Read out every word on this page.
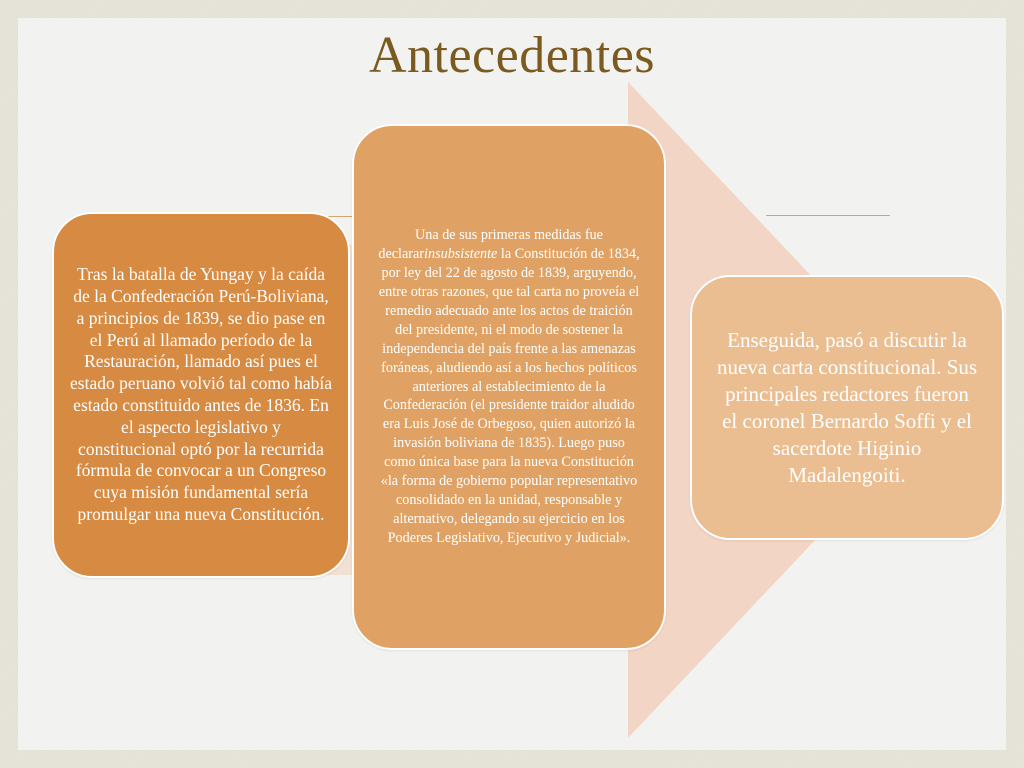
Antecedentes

Tras la batalla de Yungay y la caída de la Confederación Perú-Boliviana, a principios de 1839, se dio pase en el Perú al llamado período de la Restauración, llamado así pues el estado peruano volvió tal como había estado constituido antes de 1836. En el aspecto legislativo y constitucional optó por la recurrida fórmula de convocar a un Congreso cuya misión fundamental sería promulgar una nueva Constitución.

Una de sus primeras medidas fue declararinsubsistente la Constitución de 1834, por ley del 22 de agosto de 1839, arguyendo, entre otras razones, que tal carta no proveía el remedio adecuado ante los actos de traición del presidente, ni el modo de sostener la independencia del país frente a las amenazas foráneas, aludiendo así a los hechos políticos anteriores al establecimiento de la Confederación (el presidente traidor aludido era Luis José de Orbegoso, quien autorizó la invasión boliviana de 1835). Luego puso como única base para la nueva Constitución «la forma de gobierno popular representativo consolidado en la unidad, responsable y alternativo, delegando su ejercicio en los Poderes Legislativo, Ejecutivo y Judicial».

Enseguida, pasó a discutir la nueva carta constitucional. Sus principales redactores fueron el coronel Bernardo Soffi y el sacerdote Higinio Madalengoiti.
